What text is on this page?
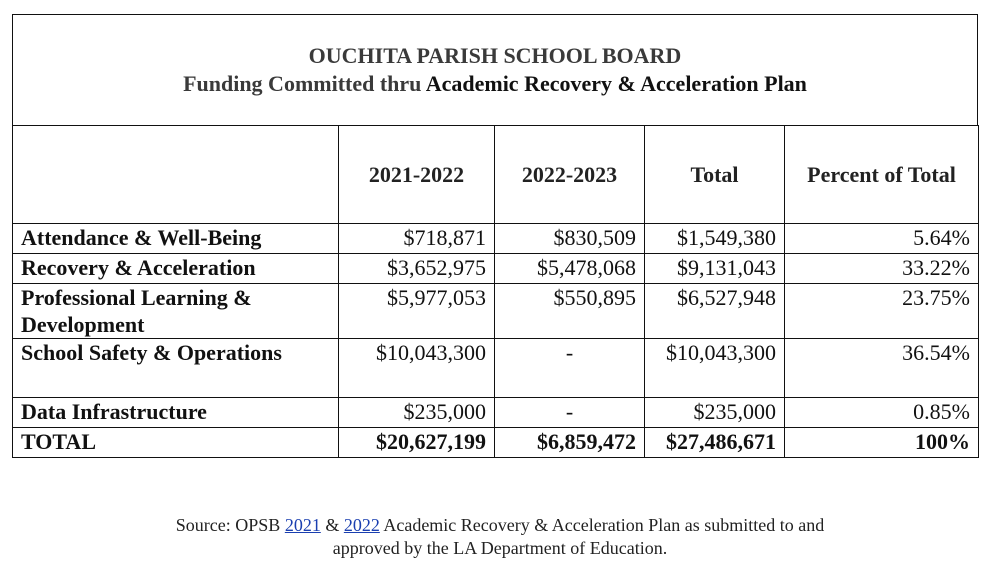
OUCHITA PARISH SCHOOL BOARD
Funding Committed thru Academic Recovery & Acceleration Plan
	2021-2022	2022-2023	Total	Percent of Total
Attendance & Well-Being	$718,871	$830,509	$1,549,380	5.64%
Recovery & Acceleration	$3,652,975	$5,478,068	$9,131,043	33.22%
Professional Learning & Development	$5,977,053	$550,895	$6,527,948	23.75%
School Safety & Operations	$10,043,300	-	$10,043,300	36.54%
Data Infrastructure	$235,000	-	$235,000	0.85%
TOTAL	$20,627,199	$6,859,472	$27,486,671	100%
Source: OPSB 2021 & 2022 Academic Recovery & Acceleration Plan as submitted to and
approved by the LA Department of Education.
